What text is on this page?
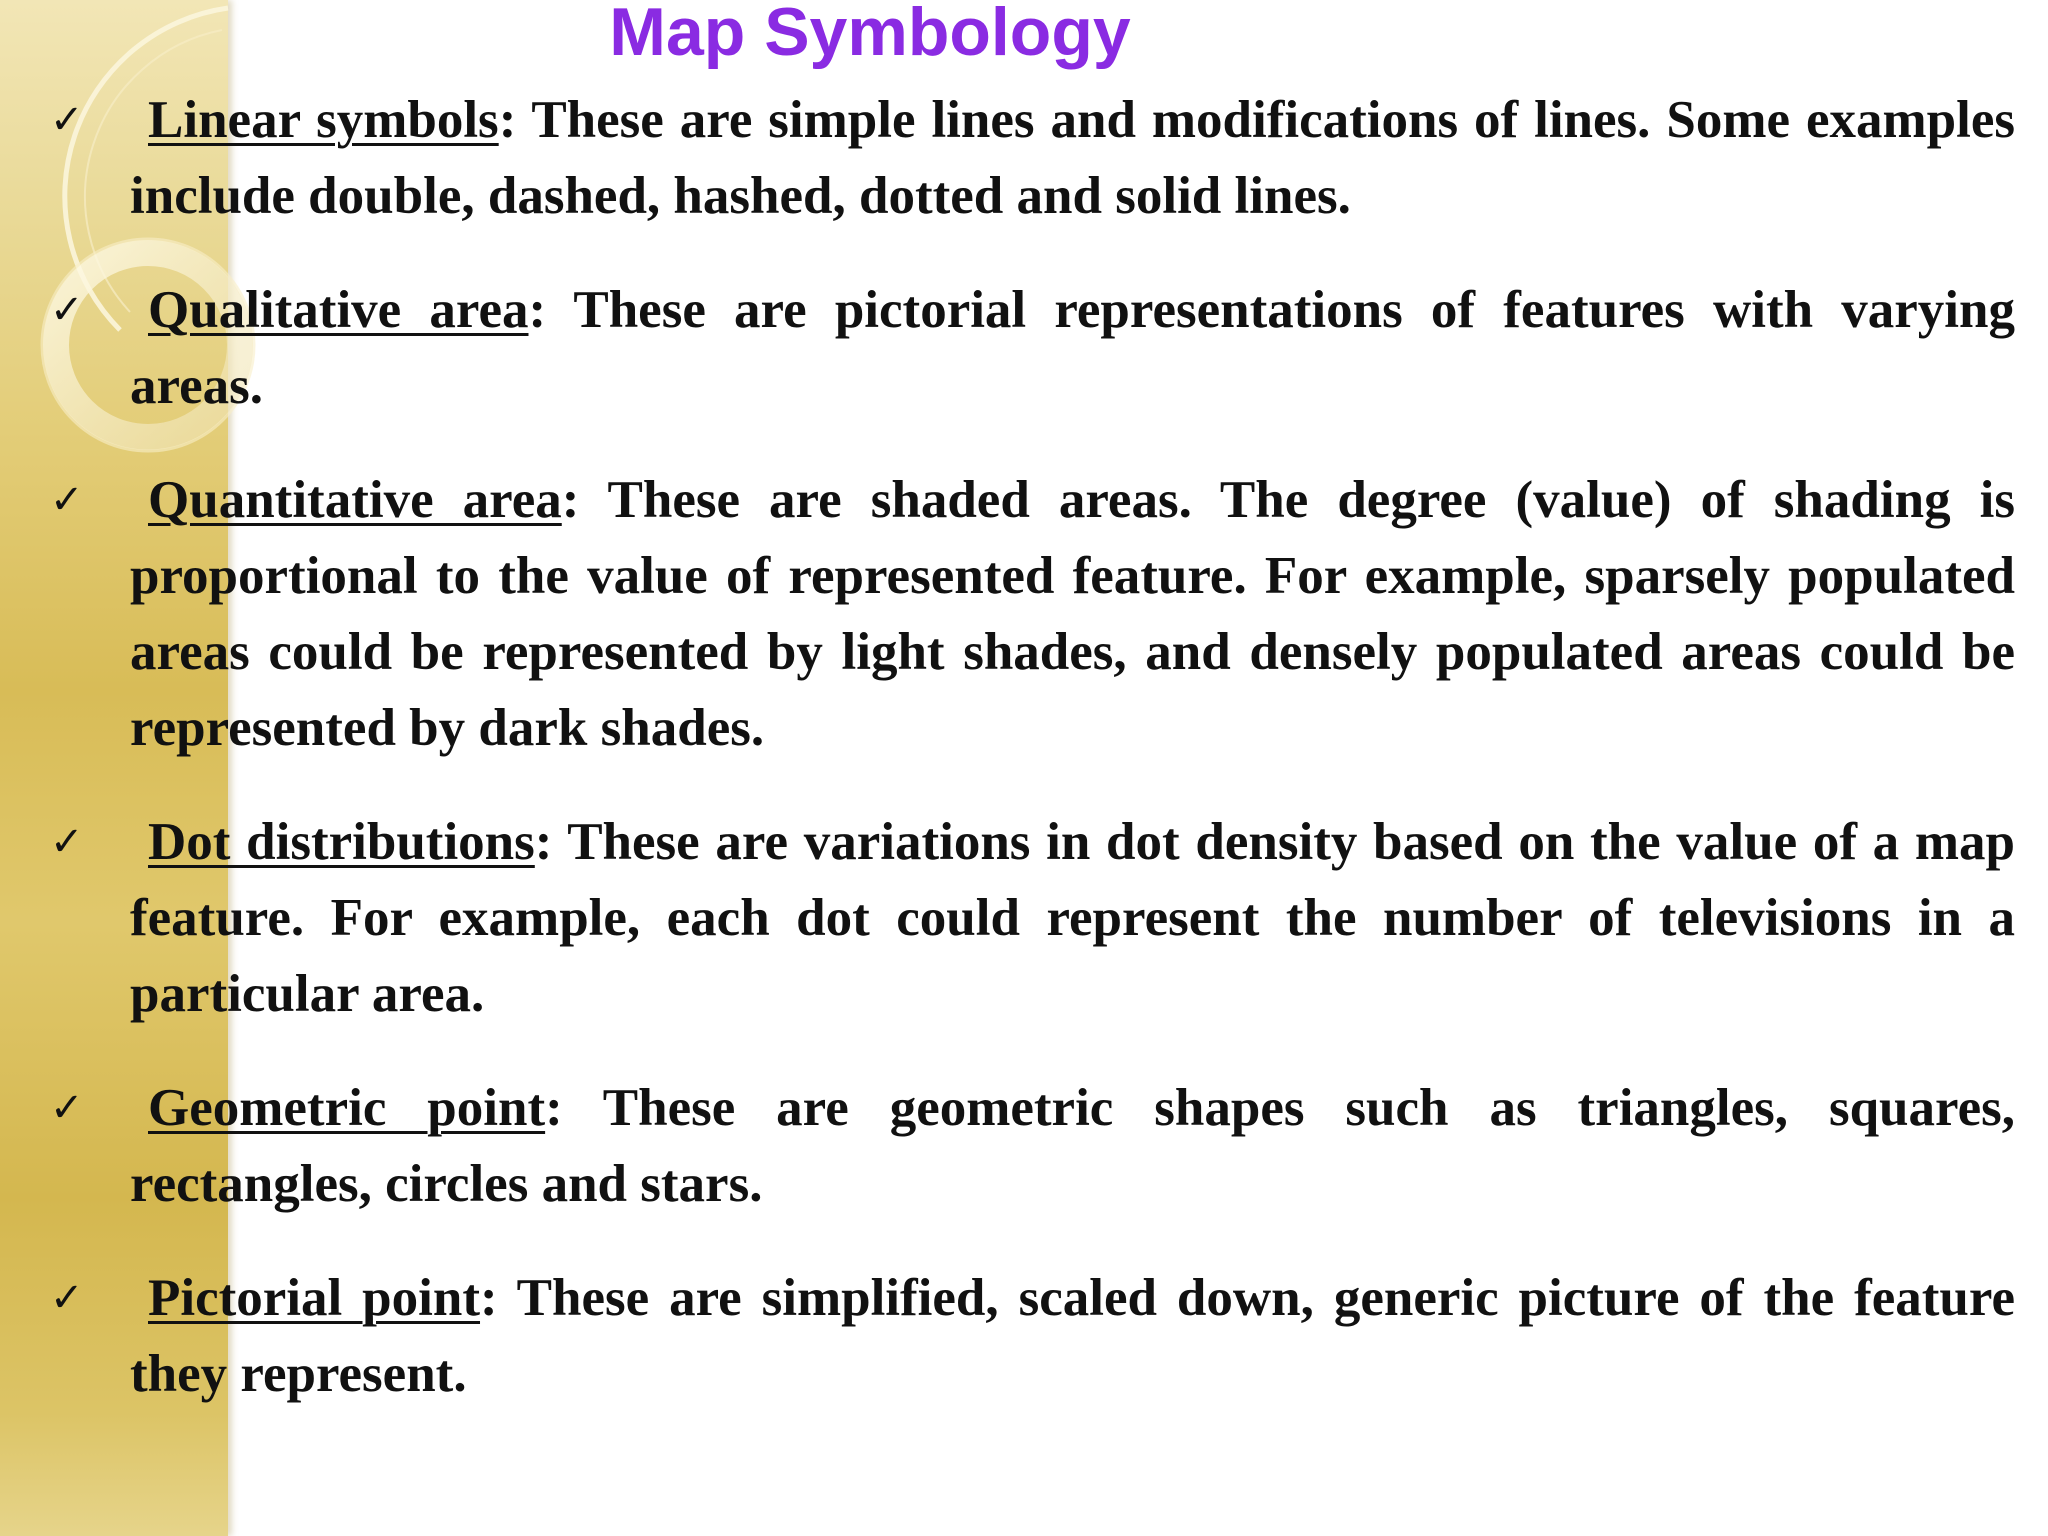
Map Symbology
✓	Linear symbols: These are simple lines and modifications of lines. Some examples include double, dashed, hashed, dotted and solid lines.
✓	Qualitative area: These are pictorial representations of features with varying areas.
✓	Quantitative area: These are shaded areas. The degree (value) of shading is proportional to the value of represented feature. For example, sparsely populated areas could be represented by light shades, and densely populated areas could be represented by dark shades.
✓	Dot distributions: These are variations in dot density based on the value of a map feature. For example, each dot could represent the number of televisions in a particular area.
✓	Geometric point: These are geometric shapes such as triangles, squares, rectangles, circles and stars.
✓	Pictorial point: These are simplified, scaled down, generic picture of the feature they represent.
